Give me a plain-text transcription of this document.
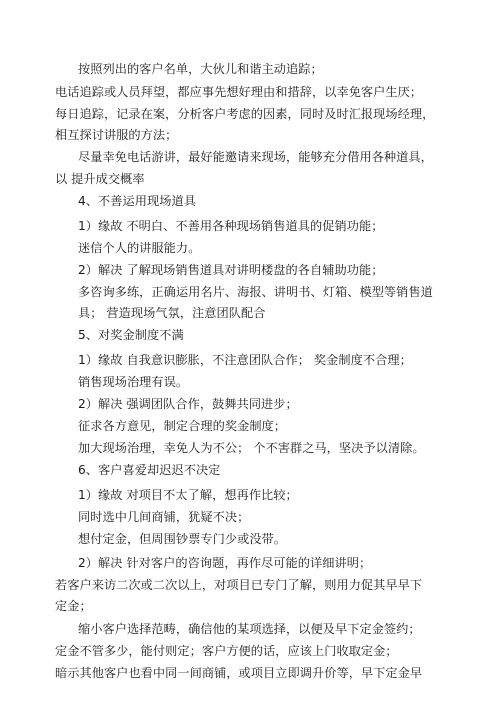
按照列出的客户名单，大伙儿和谐主动追踪；
电话追踪或人员拜望，都应事先想好理由和措辞，以幸免客户生厌；
每日追踪，记录在案，分析客户考虑的因素，同时及时汇报现场经理，
相互探讨讲服的方法；
尽量幸免电话游讲，最好能邀请来现场，能够充分借用各种道具，
以 提升成交概率
4、不善运用现场道具
1）缘故 不明白、不善用各种现场销售道具的促销功能；
迷信个人的讲服能力。
2）解决 了解现场销售道具对讲明楼盘的各自辅助功能；
多咨询多练，正确运用名片、海报、讲明书、灯箱、模型等销售道
具； 营造现场气氛，注意团队配合
5、对奖金制度不满
1）缘故 自我意识膨胀，不注意团队合作； 奖金制度不合理；
销售现场治理有误。
2）解决 强调团队合作，鼓舞共同进步；
征求各方意见，制定合理的奖金制度；
加大现场治理，幸免人为不公； 个不害群之马，坚决予以清除。
6、客户喜爱却迟迟不决定
1）缘故 对项目不太了解，想再作比较；
同时选中几间商铺，犹疑不决；
想付定金，但周围钞票专门少或没带。
2）解决 针对客户的咨询题，再作尽可能的详细讲明；
若客户来访二次或二次以上，对项目已专门了解，则用力促其早早下
定金；
缩小客户选择范畴，确信他的某项选择，以便及早下定金签约；
定金不管多少，能付则定；客户方便的话，应该上门收取定金；
暗示其他客户也看中同一间商铺，或项目立即调升价等，早下定金早
